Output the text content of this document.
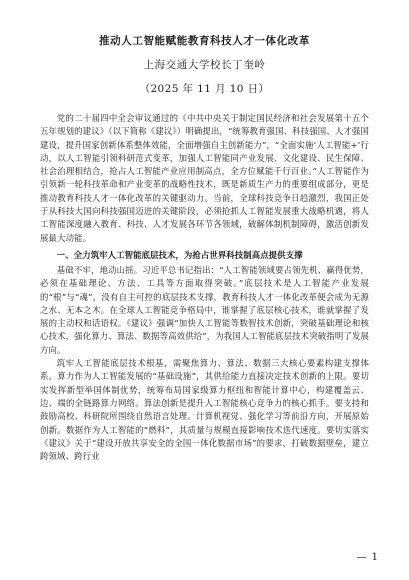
推动人工智能赋能教育科技人才一体化改革
上海交通大学校长丁奎岭
（2025 年 11 月 10 日）

党的二十届四中全会审议通过的《中共中央关于制定国民经济和社会发展第十五个五年规划的建议》（以下简称《建议》）明确提出，“统筹教育强国、科技强国、人才强国建设，提升国家创新体系整体效能，全面增强自主创新能力”，“全面实施‘人工智能+’行动，以人工智能引领科研范式变革，加强人工智能同产业发展、文化建设、民生保障、社会治理相结合，抢占人工智能产业应用制高点，全方位赋能千行百业。”人工智能作为引领新一轮科技革命和产业变革的战略性技术，既是新质生产力的重要组成部分，更是推动教育科技人才一体化改革的关键驱动力。当前，全球科技竞争日趋激烈，我国正处于从科技大国向科技强国迈进的关键阶段，必须抢抓人工智能发展重大战略机遇，将人工智能深度融入教育、科技、人才发展各环节各领域，破解体制机制障碍，激活创新发展最大动能。

一、全力筑牢人工智能底层技术，为抢占世界科技制高点提供支撑

基础不牢，地动山摇。习近平总书记指出：“人工智能领域要占领先机、赢得优势，必须在基础理论、方法、工具等方面取得突破。”底层技术是人工智能产业发展的“根”与“魂”，没有自主可控的底层技术支撑，教育科技人才一体化改革便会成为无源之水、无本之木。在全球人工智能竞争格局中，谁掌握了底层核心技术，谁就掌握了发展的主动权和话语权。《建议》强调“加快人工智能等数智技术创新，突破基础理论和核心技术，强化算力、算法、数据等高效供给”，为我国人工智能底层技术突破指明了发展方向。

筑牢人工智能底层技术根基，需聚焦算力、算法、数据三大核心要素构建支撑体系。算力作为人工智能发展的“基础设施”，其供给能力直接决定技术创新的上限。要切实发挥新型举国体制优势，统筹布局国家级算力枢纽和智能计算中心，构建覆盖云、边、端的全链路算力网络。算法创新是提升人工智能核心竞争力的核心抓手。要支持和鼓励高校、科研院所围绕自然语言处理、计算机视觉、强化学习等前沿方向，开展原始创新。数据作为人工智能的“燃料”，其质量与规模直接影响技术迭代速度。要切实落实《建议》关于“建设开放共享安全的全国一体化数据市场”的要求，打破数据壁垒，建立跨领域、跨行业

— 1
